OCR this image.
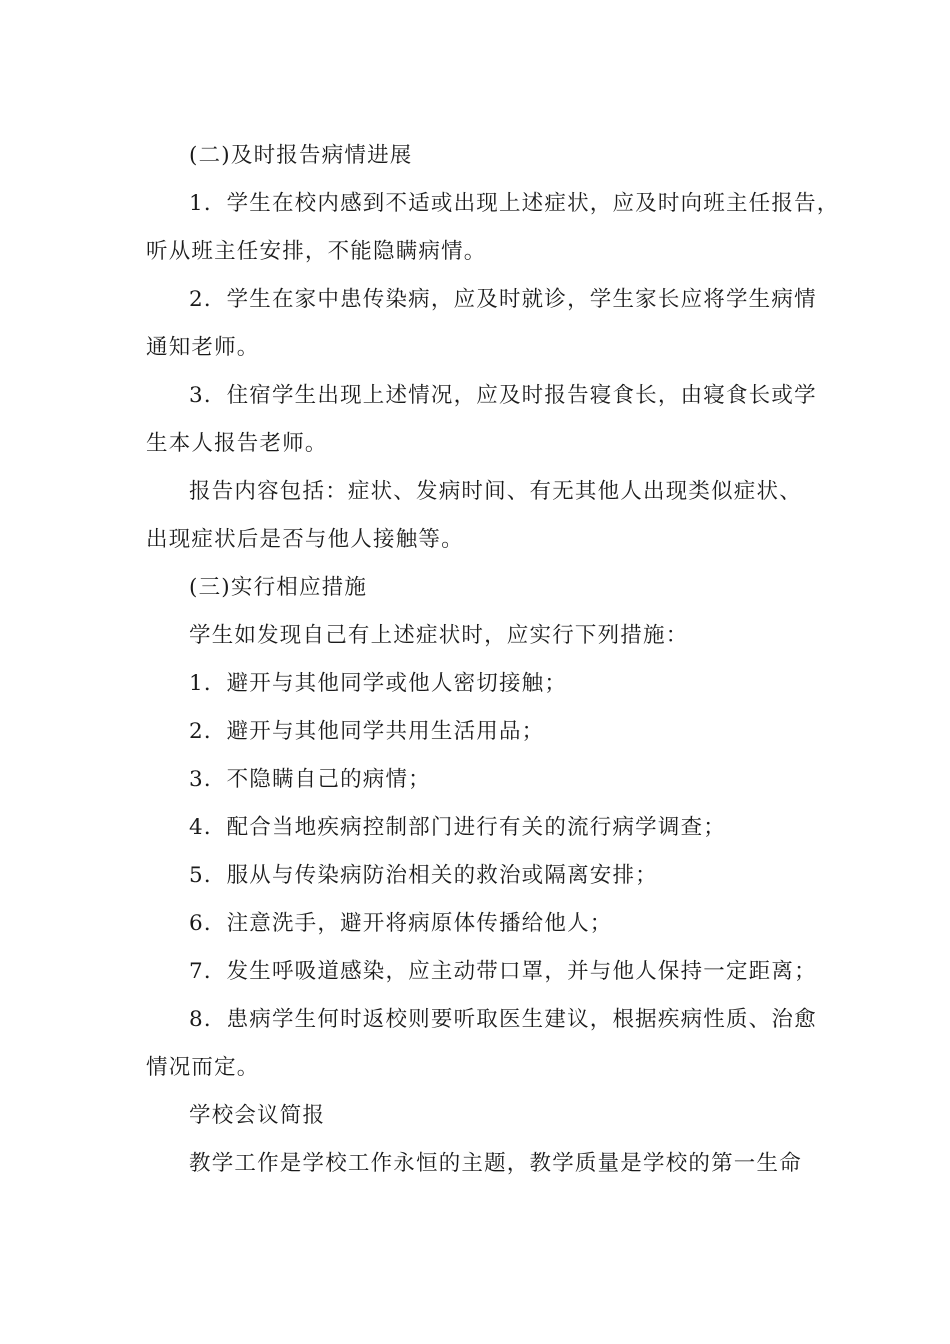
(二)及时报告病情进展
1．学生在校内感到不适或出现上述症状，应及时向班主任报告，
听从班主任安排，不能隐瞒病情。
2．学生在家中患传染病，应及时就诊，学生家长应将学生病情
通知老师。
3．住宿学生出现上述情况，应及时报告寝食长，由寝食长或学
生本人报告老师。
报告内容包括：症状、发病时间、有无其他人出现类似症状、
出现症状后是否与他人接触等。
(三)实行相应措施
学生如发现自己有上述症状时，应实行下列措施：
1．避开与其他同学或他人密切接触；
2．避开与其他同学共用生活用品；
3．不隐瞒自己的病情；
4．配合当地疾病控制部门进行有关的流行病学调查；
5．服从与传染病防治相关的救治或隔离安排；
6．注意洗手，避开将病原体传播给他人；
7．发生呼吸道感染，应主动带口罩，并与他人保持一定距离；
8．患病学生何时返校则要听取医生建议，根据疾病性质、治愈
情况而定。
学校会议简报
教学工作是学校工作永恒的主题，教学质量是学校的第一生命
